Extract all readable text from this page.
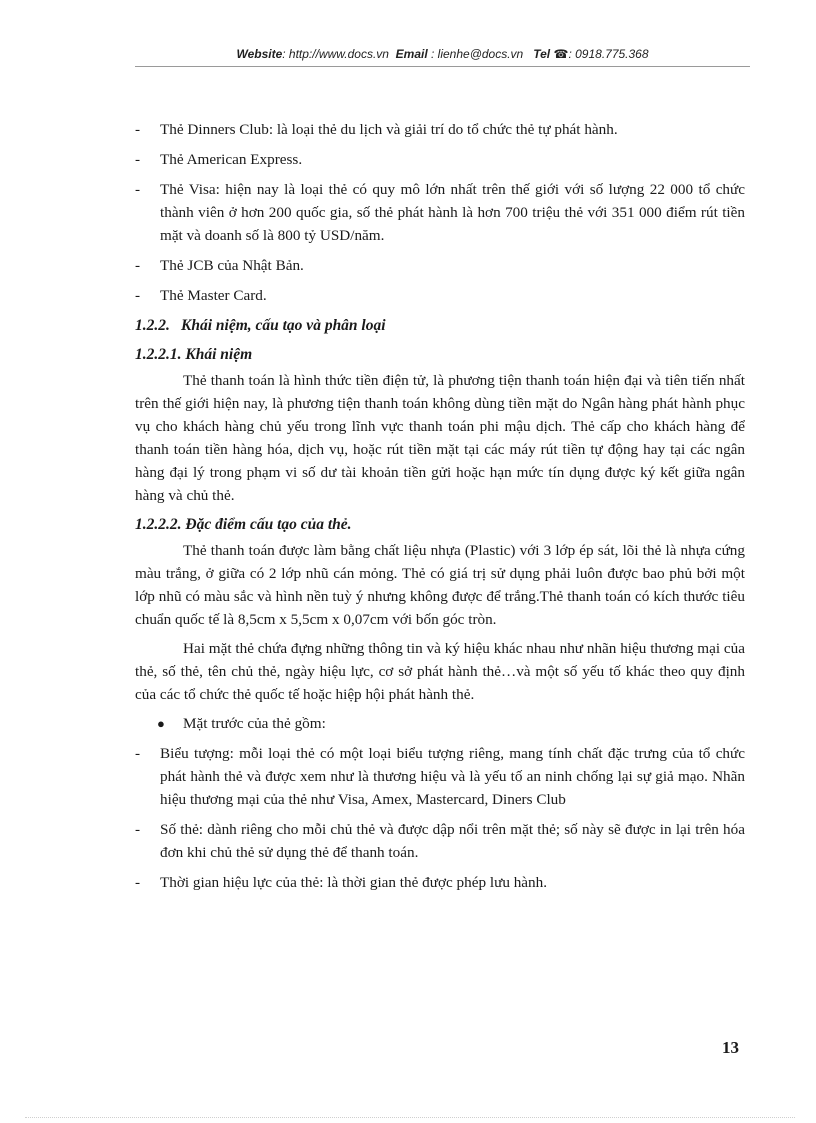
Website: http://www.docs.vn Email : lienhe@docs.vn Tel ☎: 0918.775.368
- Thẻ Dinners Club: là loại thẻ du lịch và giải trí do tổ chức thẻ tự phát hành.
- Thẻ American Express.
- Thẻ Visa: hiện nay là loại thẻ có quy mô lớn nhất trên thế giới với số lượng 22 000 tổ chức thành viên ở hơn 200 quốc gia, số thẻ phát hành là hơn 700 triệu thẻ với 351 000 điểm rút tiền mặt và doanh số là 800 tỷ USD/năm.
- Thẻ JCB của Nhật Bản.
- Thẻ Master Card.
1.2.2. Khái niệm, cấu tạo và phân loại
1.2.2.1. Khái niệm
Thẻ thanh toán là hình thức tiền điện tử, là phương tiện thanh toán hiện đại và tiên tiến nhất trên thế giới hiện nay, là phương tiện thanh toán không dùng tiền mặt do Ngân hàng phát hành phục vụ cho khách hàng chủ yếu trong lĩnh vực thanh toán phi mậu dịch. Thẻ cấp cho khách hàng để thanh toán tiền hàng hóa, dịch vụ, hoặc rút tiền mặt tại các máy rút tiền tự động hay tại các ngân hàng đại lý trong phạm vi số dư tài khoản tiền gửi hoặc hạn mức tín dụng được ký kết giữa ngân hàng và chủ thẻ.
1.2.2.2. Đặc điểm cấu tạo của thẻ.
Thẻ thanh toán được làm bằng chất liệu nhựa (Plastic) với 3 lớp ép sát, lõi thẻ là nhựa cứng màu trắng, ở giữa có 2 lớp nhũ cán mỏng. Thẻ có giá trị sử dụng phải luôn được bao phủ bởi một lớp nhũ có màu sắc và hình nền tuỳ ý nhưng không được để trắng.Thẻ thanh toán có kích thước tiêu chuẩn quốc tế là 8,5cm x 5,5cm x 0,07cm với bốn góc tròn.
Hai mặt thẻ chứa đựng những thông tin và ký hiệu khác nhau như nhãn hiệu thương mại của thẻ, số thẻ, tên chủ thẻ, ngày hiệu lực, cơ sở phát hành thẻ…và một số yếu tố khác theo quy định của các tổ chức thẻ quốc tế hoặc hiệp hội phát hành thẻ.
● Mặt trước của thẻ gồm:
- Biểu tượng: mỗi loại thẻ có một loại biểu tượng riêng, mang tính chất đặc trưng của tổ chức phát hành thẻ và được xem như là thương hiệu và là yếu tố an ninh chống lại sự giả mạo. Nhãn hiệu thương mại của thẻ như Visa, Amex, Mastercard, Diners Club
- Số thẻ: dành riêng cho mỗi chủ thẻ và được dập nổi trên mặt thẻ; số này sẽ được in lại trên hóa đơn khi chủ thẻ sử dụng thẻ để thanh toán.
- Thời gian hiệu lực của thẻ: là thời gian thẻ được phép lưu hành.
13
